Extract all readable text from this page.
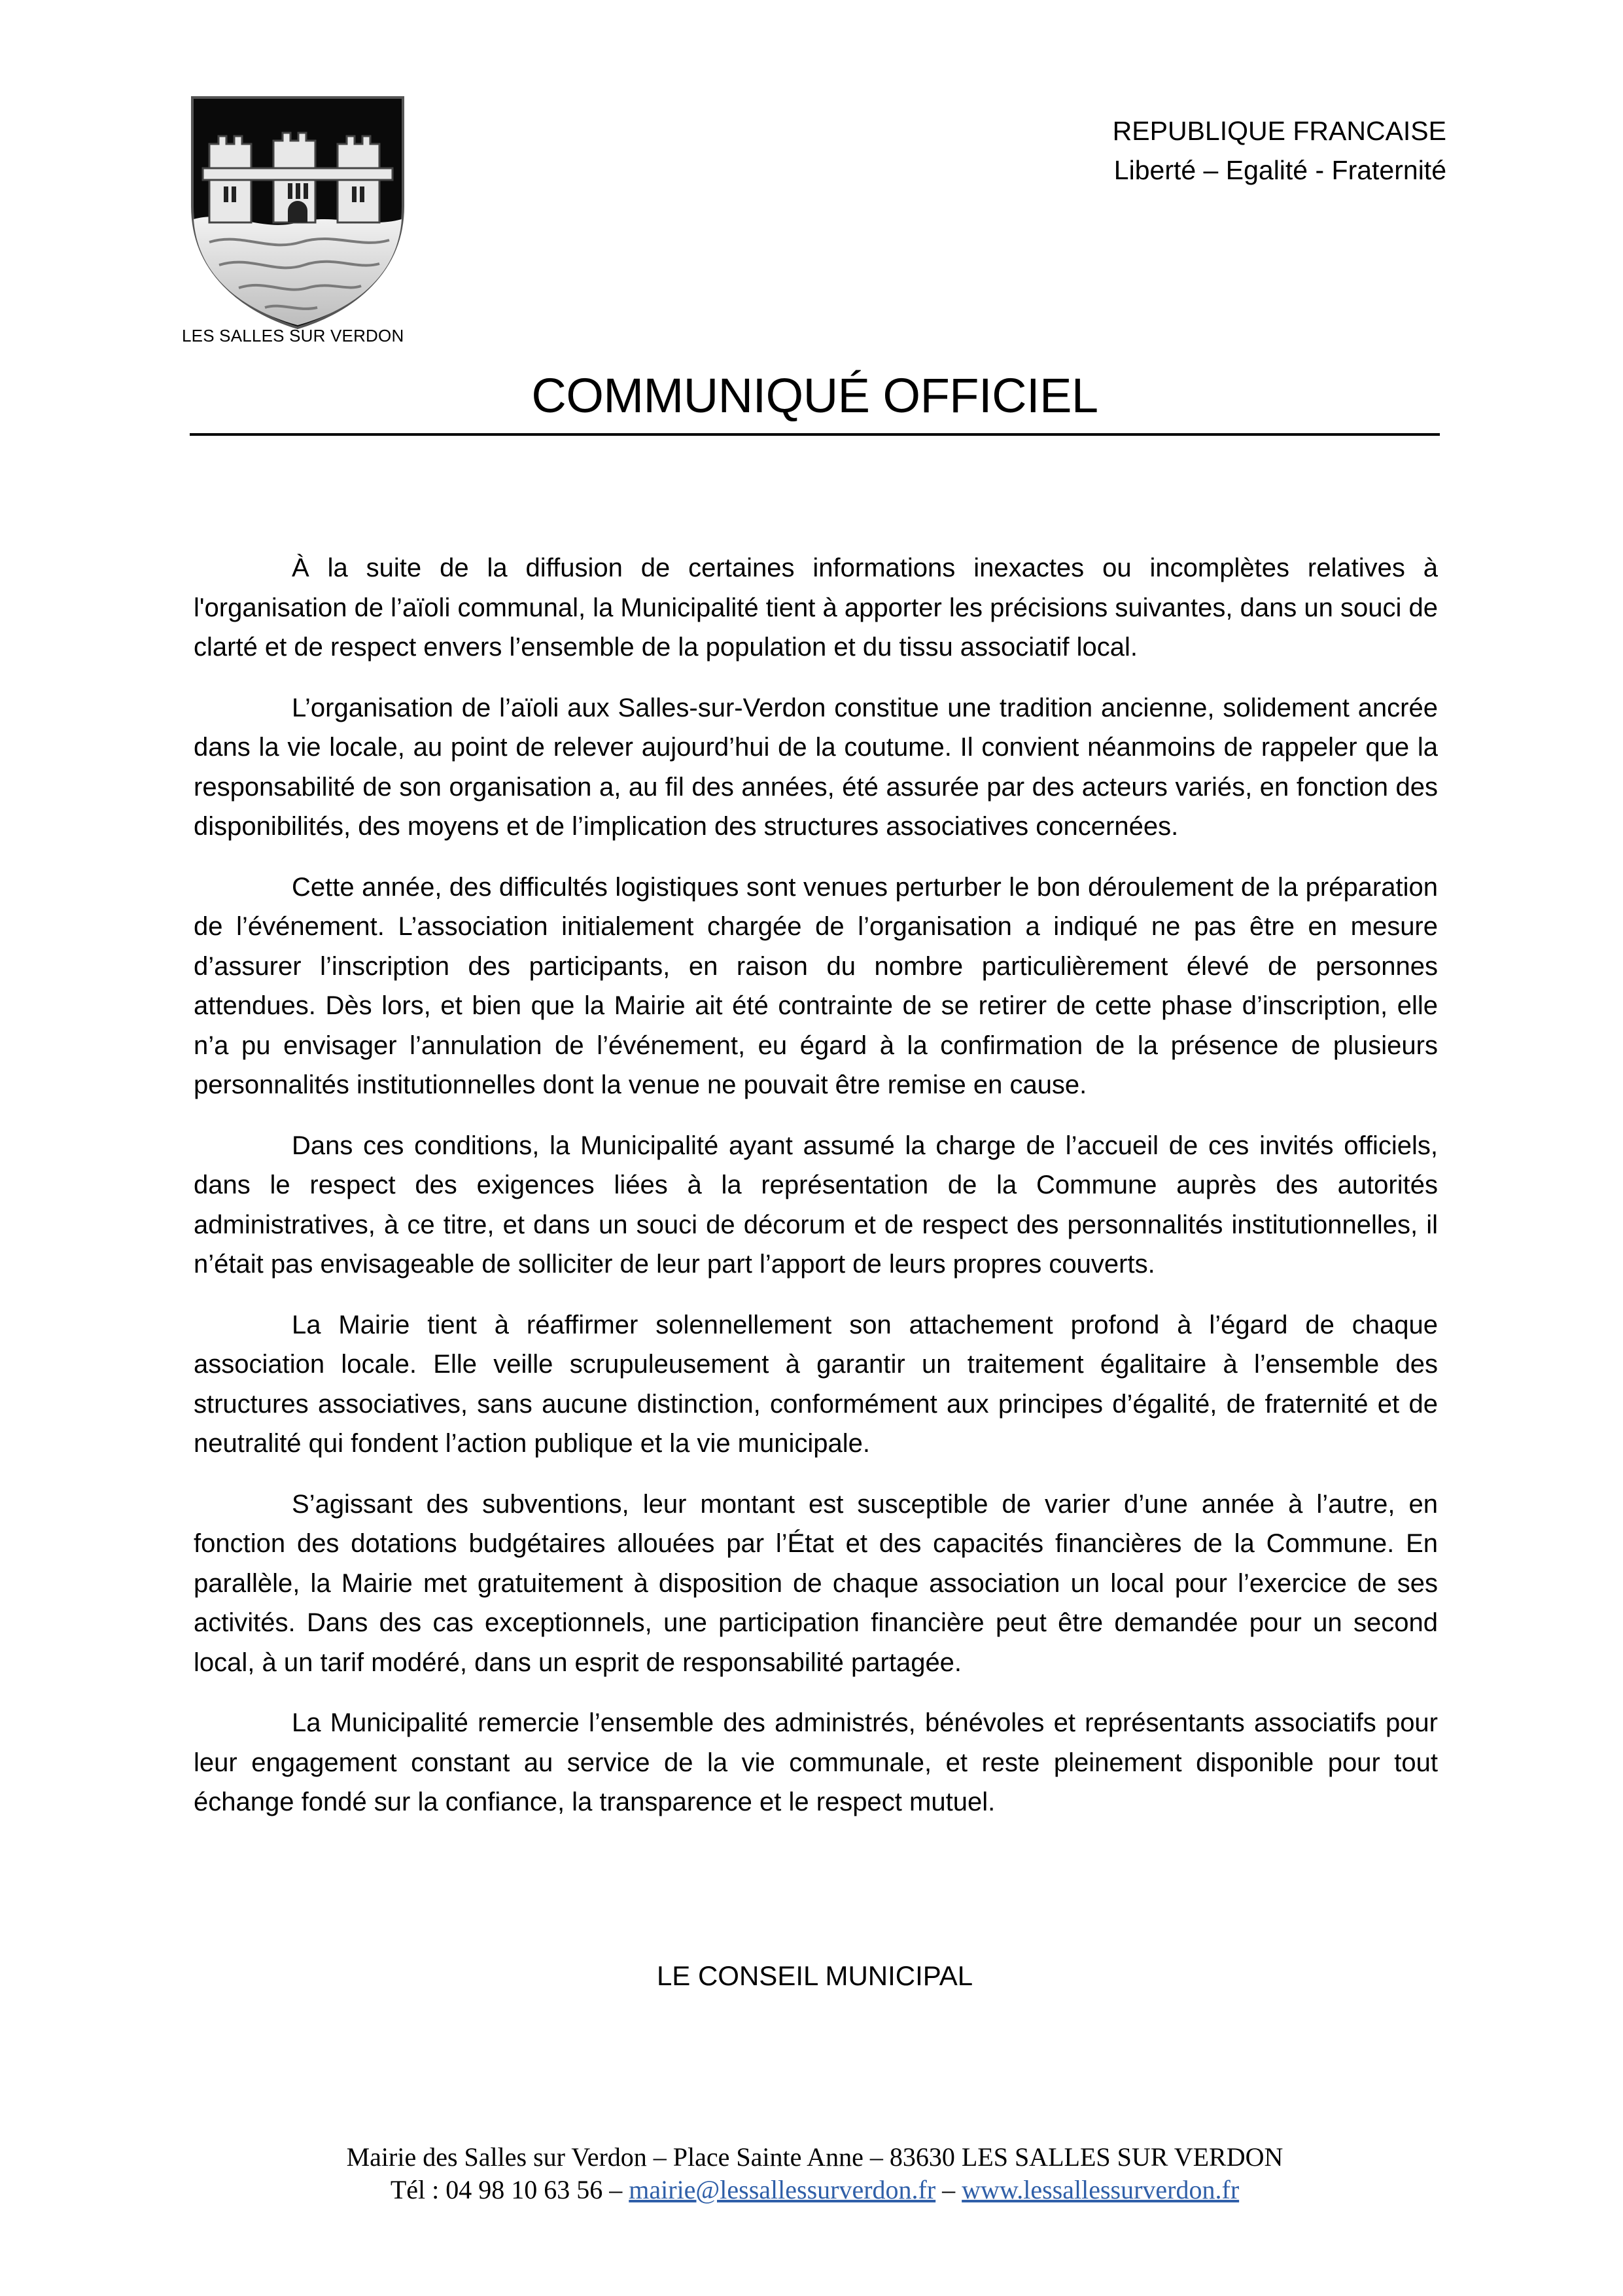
LES SALLES SUR VERDON
REPUBLIQUE FRANCAISE
Liberté – Egalité - Fraternité
COMMUNIQUÉ OFFICIEL

À la suite de la diffusion de certaines informations inexactes ou incomplètes relatives à l'organisation de l’aïoli communal, la Municipalité tient à apporter les précisions suivantes, dans un souci de clarté et de respect envers l’ensemble de la population et du tissu associatif local.

L’organisation de l’aïoli aux Salles-sur-Verdon constitue une tradition ancienne, solidement ancrée dans la vie locale, au point de relever aujourd’hui de la coutume. Il convient néanmoins de rappeler que la responsabilité de son organisation a, au fil des années, été assurée par des acteurs variés, en fonction des disponibilités, des moyens et de l’implication des structures associatives concernées.

Cette année, des difficultés logistiques sont venues perturber le bon déroulement de la préparation de l’événement. L’association initialement chargée de l’organisation a indiqué ne pas être en mesure d’assurer l’inscription des participants, en raison du nombre particulièrement élevé de personnes attendues. Dès lors, et bien que la Mairie ait été contrainte de se retirer de cette phase d’inscription, elle n’a pu envisager l’annulation de l’événement, eu égard à la confirmation de la présence de plusieurs personnalités institutionnelles dont la venue ne pouvait être remise en cause.

Dans ces conditions, la Municipalité ayant assumé la charge de l’accueil de ces invités officiels, dans le respect des exigences liées à la représentation de la Commune auprès des autorités administratives, à ce titre, et dans un souci de décorum et de respect des personnalités institutionnelles, il n’était pas envisageable de solliciter de leur part l’apport de leurs propres couverts.

La Mairie tient à réaffirmer solennellement son attachement profond à l’égard de chaque association locale. Elle veille scrupuleusement à garantir un traitement égalitaire à l’ensemble des structures associatives, sans aucune distinction, conformément aux principes d’égalité, de fraternité et de neutralité qui fondent l’action publique et la vie municipale.

S’agissant des subventions, leur montant est susceptible de varier d’une année à l’autre, en fonction des dotations budgétaires allouées par l’État et des capacités financières de la Commune. En parallèle, la Mairie met gratuitement à disposition de chaque association un local pour l’exercice de ses activités. Dans des cas exceptionnels, une participation financière peut être demandée pour un second local, à un tarif modéré, dans un esprit de responsabilité partagée.

La Municipalité remercie l’ensemble des administrés, bénévoles et représentants associatifs pour leur engagement constant au service de la vie communale, et reste pleinement disponible pour tout échange fondé sur la confiance, la transparence et le respect mutuel.

LE CONSEIL MUNICIPAL
Mairie des Salles sur Verdon – Place Sainte Anne – 83630 LES SALLES SUR VERDON
Tél : 04 98 10 63 56 – mairie@lessallessurverdon.fr – www.lessallessurverdon.fr
